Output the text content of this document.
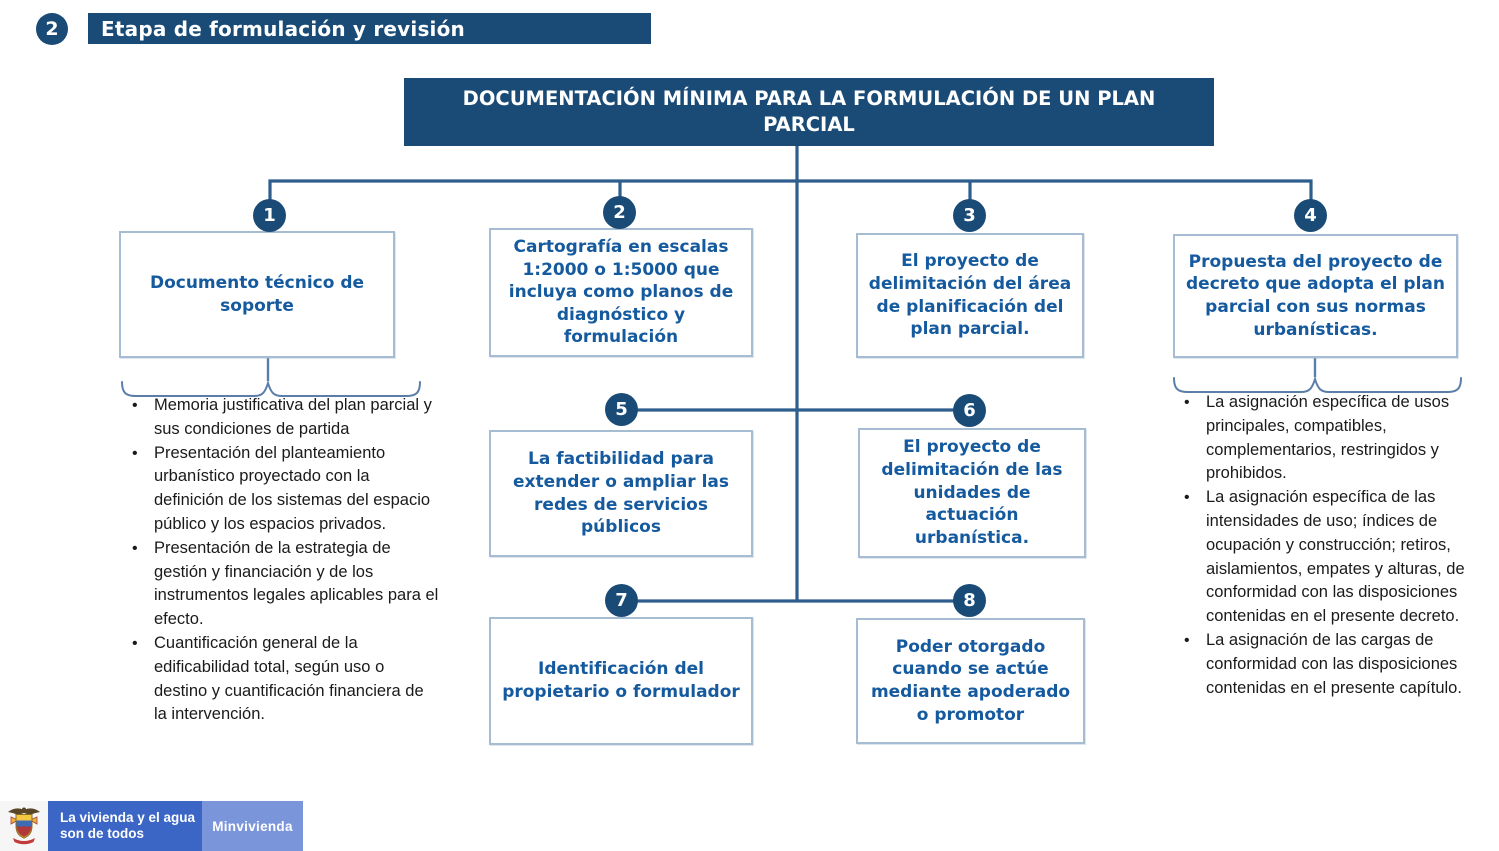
2	Etapa de formulación y revisión
DOCUMENTACIÓN MÍNIMA PARA LA FORMULACIÓN DE UN PLAN PARCIAL
1	2	3	4
5	6
7	8
Documento técnico de soporte
Cartografía en escalas 1:2000 o 1:5000 que incluya como planos de diagnóstico y formulación
El proyecto de delimitación del área de planificación del plan parcial.
Propuesta del proyecto de decreto que adopta el plan parcial con sus normas urbanísticas.
La factibilidad para extender o ampliar las redes de servicios públicos
El proyecto de delimitación de las unidades de actuación urbanística.
Identificación del propietario o formulador
Poder otorgado cuando se actúe mediante apoderado o promotor
•
Memoria justificativa del plan parcial y sus condiciones de partida
•
Presentación del planteamiento urbanístico proyectado con la definición de los sistemas del espacio público y los espacios privados.
•
Presentación de la estrategia de gestión y financiación y de los instrumentos legales aplicables para el efecto.
•
Cuantificación general de la edificabilidad total, según uso o destino y cuantificación financiera de la intervención.
•
La asignación específica de usos principales, compatibles, complementarios, restringidos y prohibidos.
•
La asignación específica de las intensidades de uso; índices de ocupación y construcción; retiros, aislamientos, empates y alturas, de conformidad con las disposiciones contenidas en el presente decreto.
•
La asignación de las cargas de conformidad con las disposiciones contenidas en el presente capítulo.
La vivienda y el agua
son de todos	Minvivienda
